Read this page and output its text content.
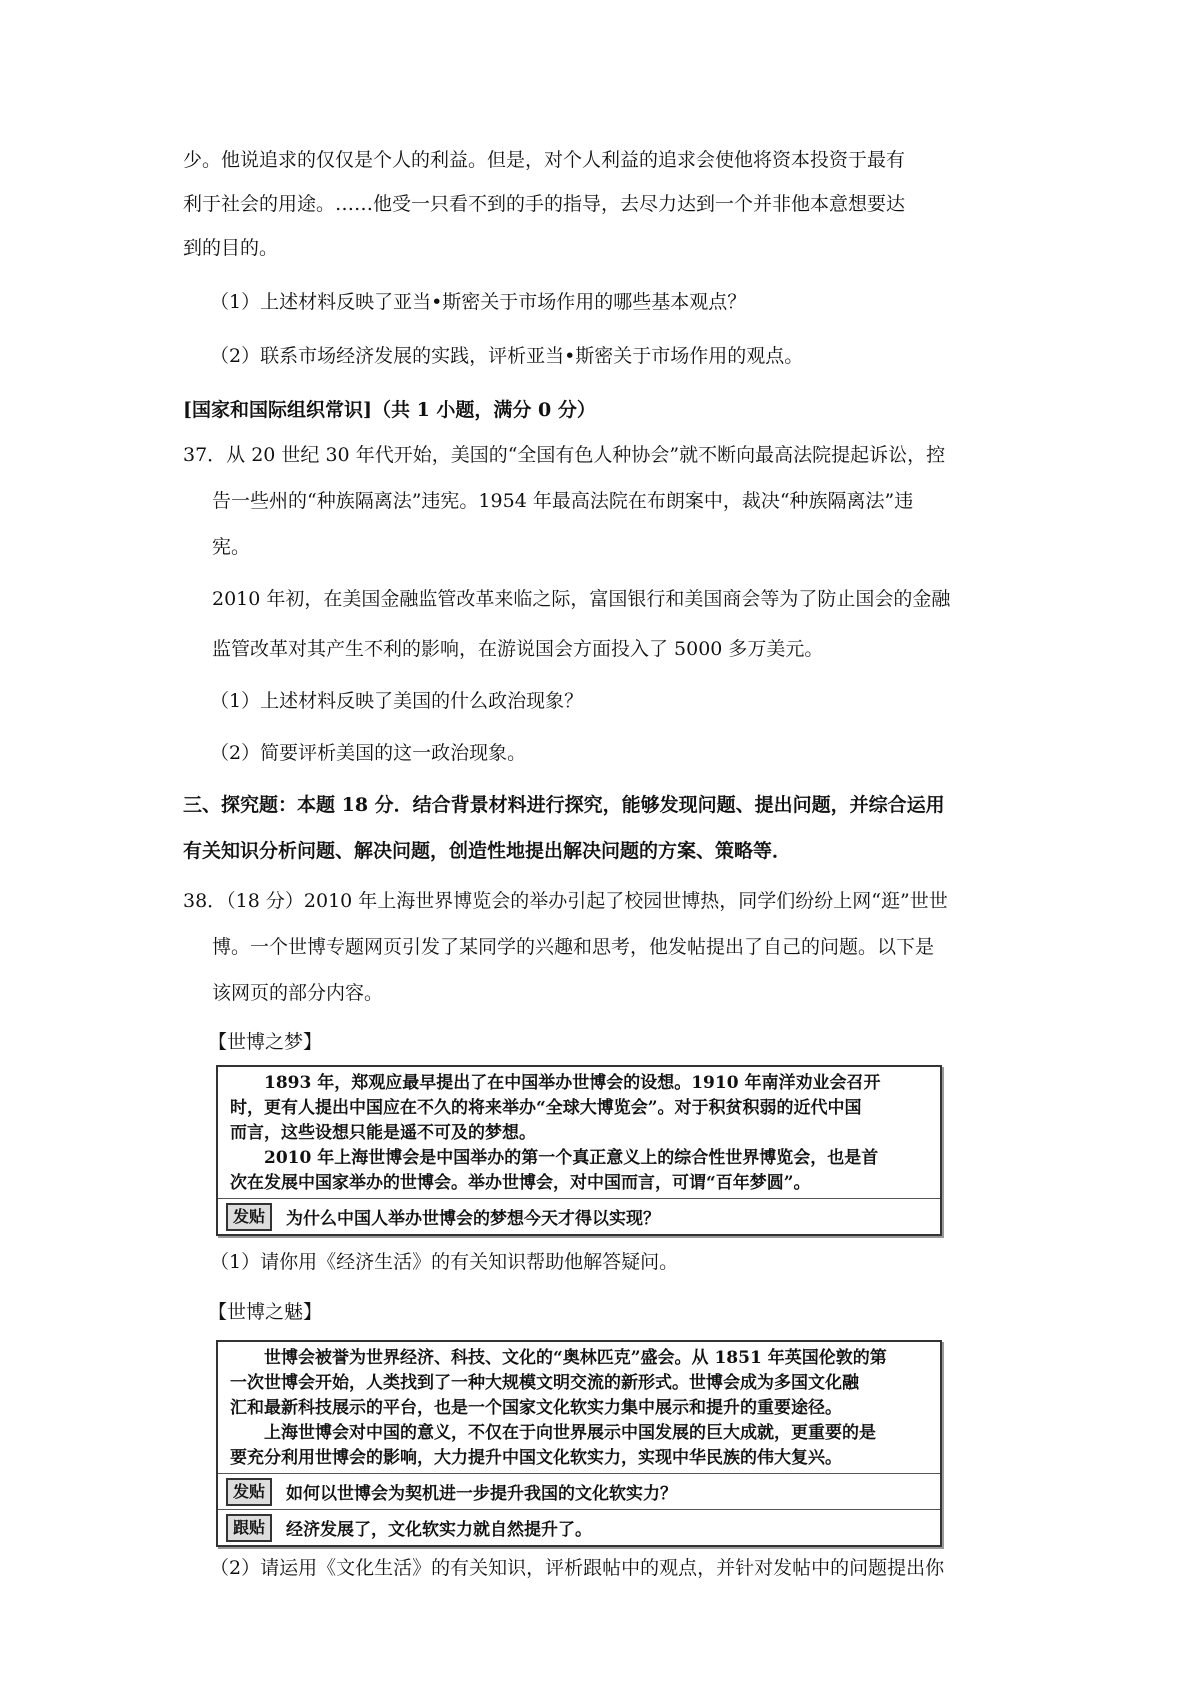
少。他说追求的仅仅是个人的利益。但是，对个人利益的追求会使他将资本投资于最有
利于社会的用途。……他受一只看不到的手的指导，去尽力达到一个并非他本意想要达
到的目的。
（1）上述材料反映了亚当•斯密关于市场作用的哪些基本观点？
（2）联系市场经济发展的实践，评析亚当•斯密关于市场作用的观点。
[国家和国际组织常识]（共 1 小题，满分 0 分）
37．从 20 世纪 30 年代开始，美国的“全国有色人种协会”就不断向最高法院提起诉讼，控
告一些州的“种族隔离法”违宪。1954 年最高法院在布朗案中，裁决“种族隔离法”违
宪。
2010 年初，在美国金融监管改革来临之际，富国银行和美国商会等为了防止国会的金融
监管改革对其产生不利的影响，在游说国会方面投入了 5000 多万美元。
（1）上述材料反映了美国的什么政治现象？
（2）简要评析美国的这一政治现象。
三、探究题：本题 18 分．结合背景材料进行探究，能够发现问题、提出问题，并综合运用
有关知识分析问题、解决问题，创造性地提出解决问题的方案、策略等．
38．（18 分）2010 年上海世界博览会的举办引起了校园世博热，同学们纷纷上网“逛”世世
博。一个世博专题网页引发了某同学的兴趣和思考，他发帖提出了自己的问题。以下是
该网页的部分内容。
【世博之梦】
　　1893 年，郑观应最早提出了在中国举办世博会的设想。1910 年南洋劝业会召开
时，更有人提出中国应在不久的将来举办“全球大博览会”。对于积贫积弱的近代中国
而言，这些设想只能是遥不可及的梦想。
　　2010 年上海世博会是中国举办的第一个真正意义上的综合性世界博览会，也是首
次在发展中国家举办的世博会。举办世博会，对中国而言，可谓“百年梦圆”。
发贴	为什么中国人举办世博会的梦想今天才得以实现？
（1）请你用《经济生活》的有关知识帮助他解答疑问。
【世博之魅】
　　世博会被誉为世界经济、科技、文化的“奥林匹克”盛会。从 1851 年英国伦敦的第
一次世博会开始，人类找到了一种大规模文明交流的新形式。世博会成为多国文化融
汇和最新科技展示的平台，也是一个国家文化软实力集中展示和提升的重要途径。
　　上海世博会对中国的意义，不仅在于向世界展示中国发展的巨大成就，更重要的是
要充分利用世博会的影响，大力提升中国文化软实力，实现中华民族的伟大复兴。
发贴	如何以世博会为契机进一步提升我国的文化软实力？
跟贴	经济发展了，文化软实力就自然提升了。
（2）请运用《文化生活》的有关知识，评析跟帖中的观点，并针对发帖中的问题提出你
